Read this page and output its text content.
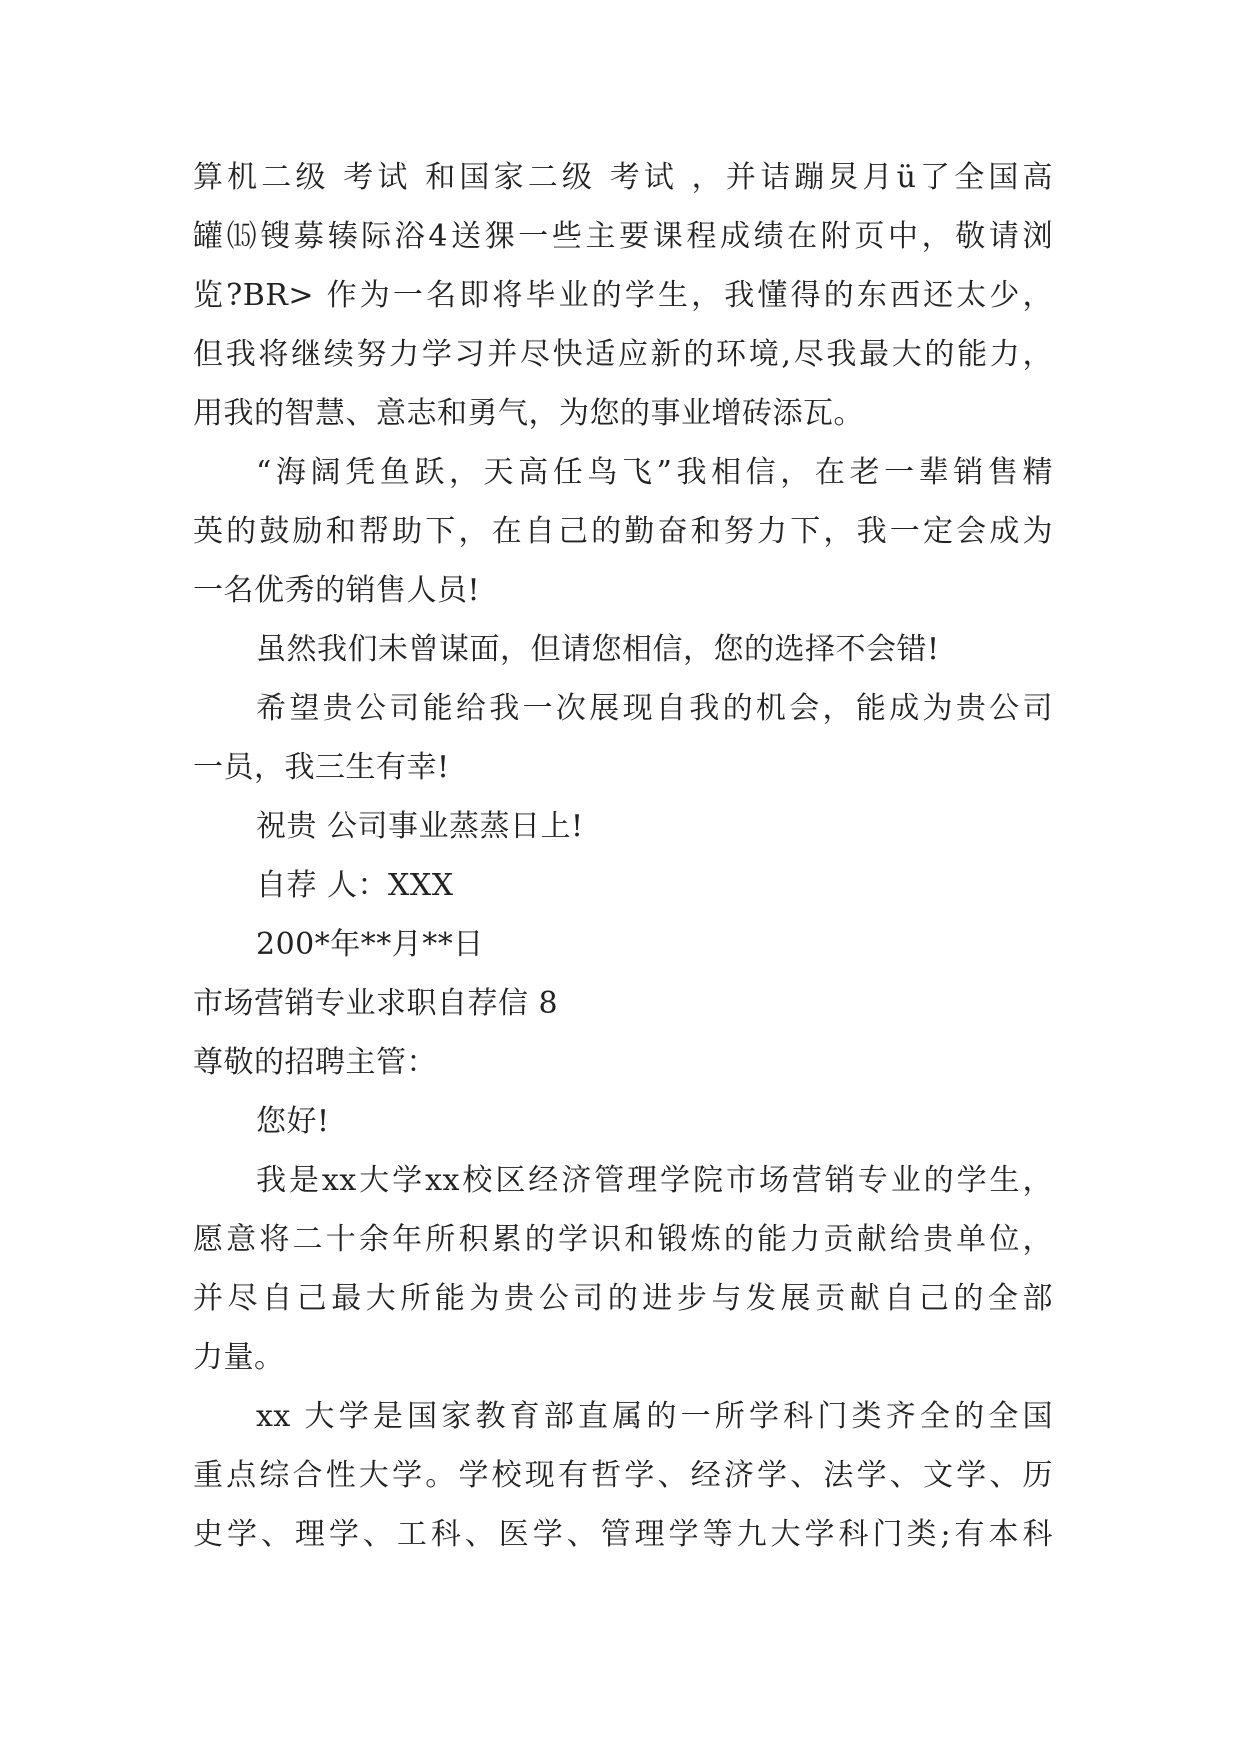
算机二级 考试 和国家二级 考试 ，并诘蹦炅月ü了全国高
罐⒂锼募辏际浴4送猓一些主要课程成绩在附页中，敬请浏
览?BR> 作为一名即将毕业的学生，我懂得的东西还太少，
但我将继续努力学习并尽快适应新的环境,尽我最大的能力，
用我的智慧、意志和勇气，为您的事业增砖添瓦。
“海阔凭鱼跃，天高任鸟飞”我相信，在老一辈销售精
英的鼓励和帮助下，在自己的勤奋和努力下，我一定会成为
一名优秀的销售人员!
虽然我们未曾谋面，但请您相信，您的选择不会错!
希望贵公司能给我一次展现自我的机会，能成为贵公司
一员，我三生有幸!
祝贵 公司事业蒸蒸日上!
自荐 人：XXX
200*年**月**日
市场营销专业求职自荐信 8
尊敬的招聘主管：
您好!
我是xx大学xx校区经济管理学院市场营销专业的学生，
愿意将二十余年所积累的学识和锻炼的能力贡献给贵单位，
并尽自己最大所能为贵公司的进步与发展贡献自己的全部
力量。
xx 大学是国家教育部直属的一所学科门类齐全的全国
重点综合性大学。学校现有哲学、经济学、法学、文学、历
史学、理学、工科、医学、管理学等九大学科门类;有本科
